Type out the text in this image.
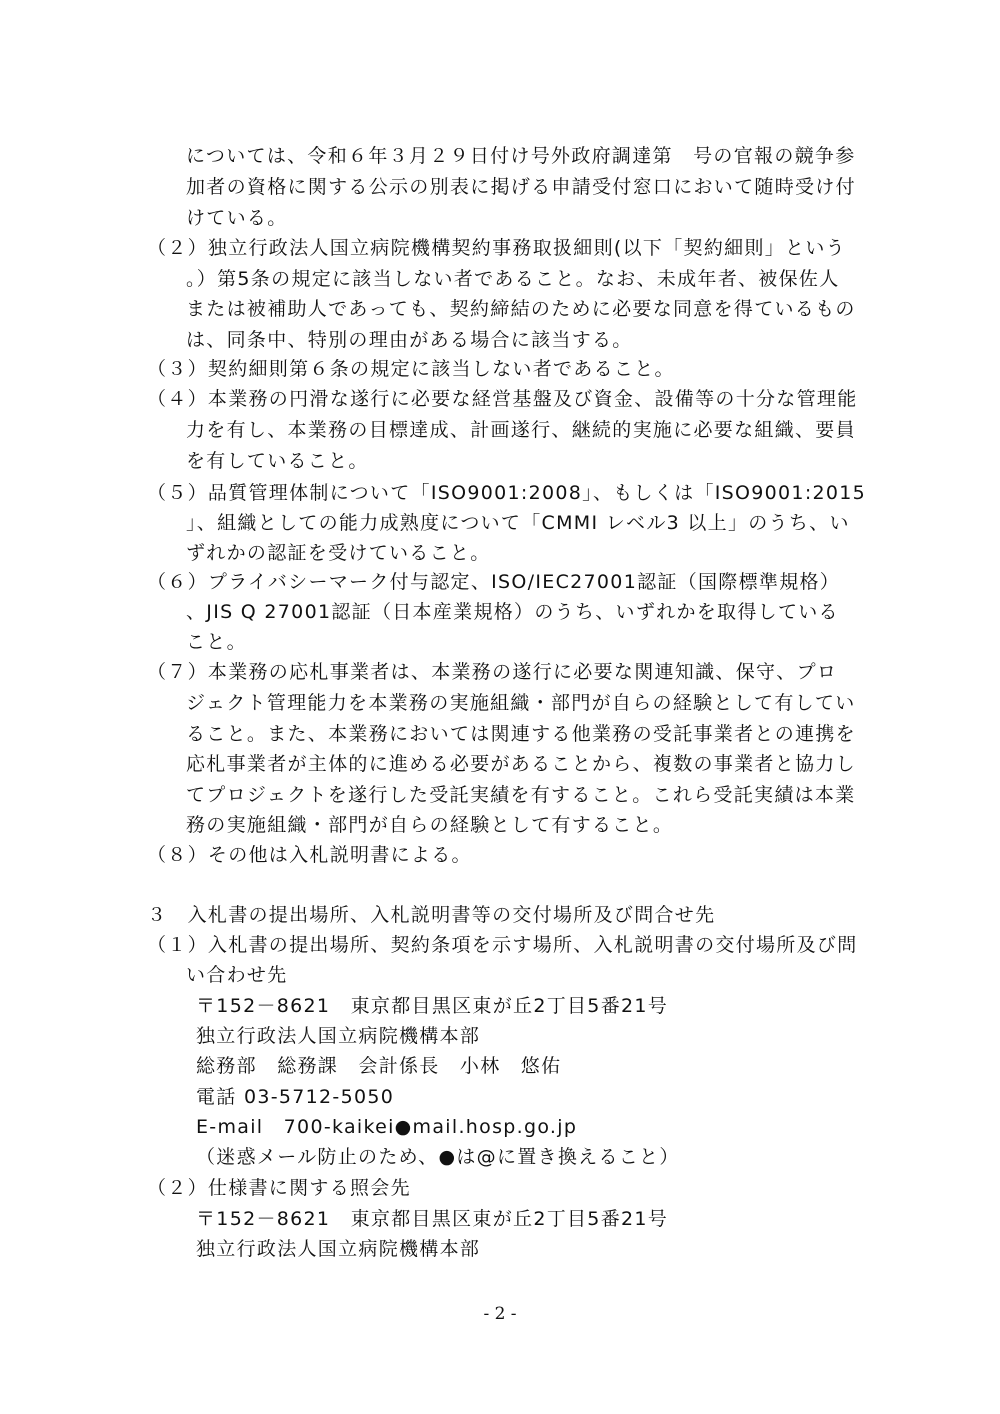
については、令和６年３月２９日付け号外政府調達第　号の官報の競争参
加者の資格に関する公示の別表に掲げる申請受付窓口において随時受け付
けている。
（２）独立行政法人国立病院機構契約事務取扱細則(以下「契約細則」という
。）第5条の規定に該当しない者であること。なお、未成年者、被保佐人
または被補助人であっても、契約締結のために必要な同意を得ているもの
は、同条中、特別の理由がある場合に該当する。
（３）契約細則第６条の規定に該当しない者であること。
（４）本業務の円滑な遂行に必要な経営基盤及び資金、設備等の十分な管理能
力を有し、本業務の目標達成、計画遂行、継続的実施に必要な組織、要員
を有していること。
（５）品質管理体制について「ISO9001:2008」、もしくは「ISO9001:2015
」、組織としての能力成熟度について「CMMI レベル3 以上」のうち、い
ずれかの認証を受けていること。
（６）プライバシーマーク付与認定、ISO/IEC27001認証（国際標準規格）
、JIS Q 27001認証（日本産業規格）のうち、いずれかを取得している
こと。
（７）本業務の応札事業者は、本業務の遂行に必要な関連知識、保守、プロ
ジェクト管理能力を本業務の実施組織・部門が自らの経験として有してい
ること。また、本業務においては関連する他業務の受託事業者との連携を
応札事業者が主体的に進める必要があることから、複数の事業者と協力し
てプロジェクトを遂行した受託実績を有すること。これら受託実績は本業
務の実施組織・部門が自らの経験として有すること。
（８）その他は入札説明書による。
３　入札書の提出場所、入札説明書等の交付場所及び問合せ先
（１）入札書の提出場所、契約条項を示す場所、入札説明書の交付場所及び問
い合わせ先
〒152－8621　東京都目黒区東が丘2丁目5番21号
独立行政法人国立病院機構本部
総務部　総務課　会計係長　小林　悠佑
電話 03-5712-5050
E-mail　700-kaikei●mail.hosp.go.jp
（迷惑メール防止のため、●は@に置き換えること）
（２）仕様書に関する照会先
〒152－8621　東京都目黒区東が丘2丁目5番21号
独立行政法人国立病院機構本部
- 2 -
